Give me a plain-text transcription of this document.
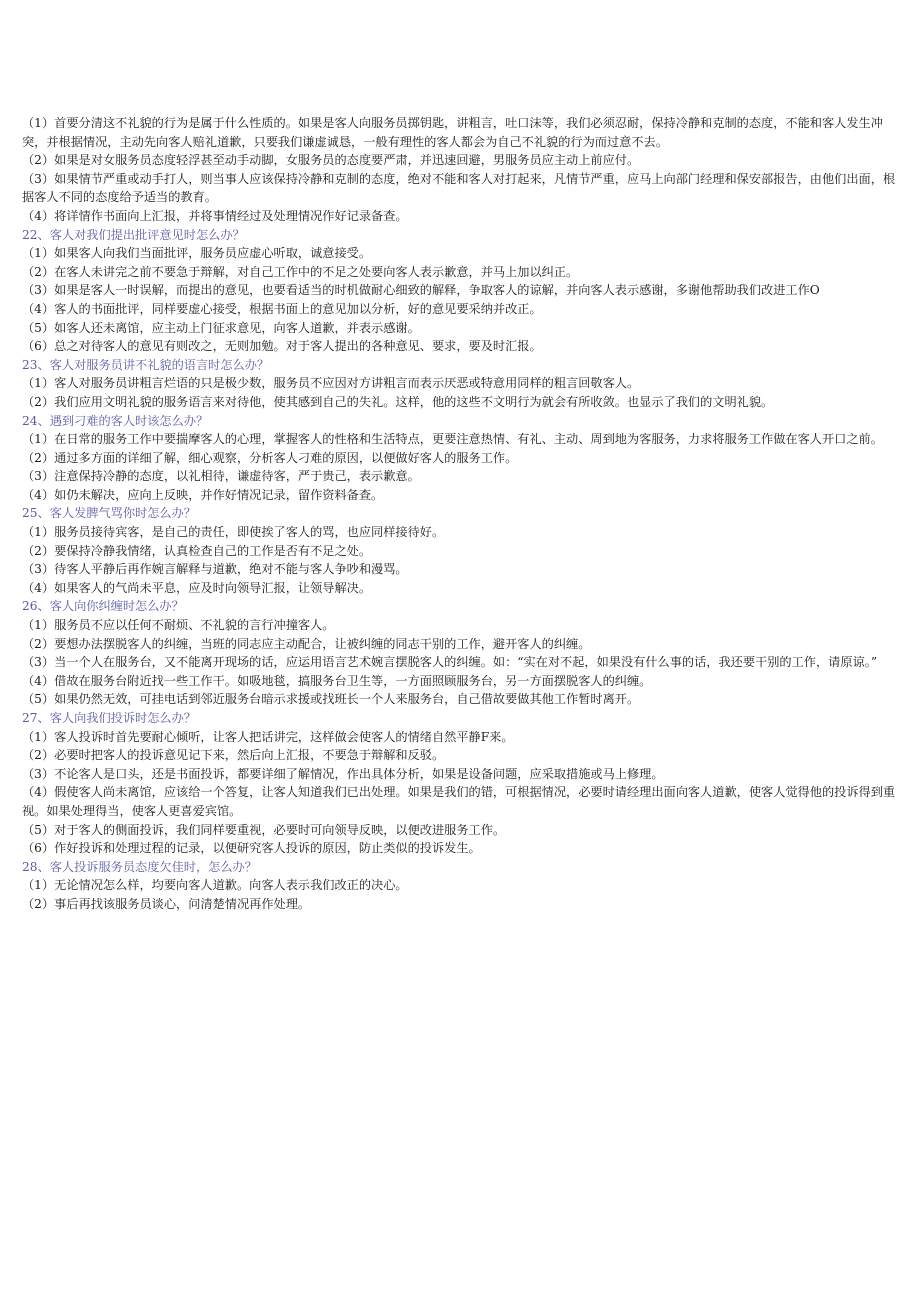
（1）首要分清这不礼貌的行为是属于什么性质的。如果是客人向服务员掷钥匙，讲粗言，吐口沫等，我们必须忍耐，保持冷静和克制的态度，不能和客人发生冲突，并根据情况，主动先向客人赔礼道歉，只要我们谦虚诚恳，一般有理性的客人都会为自己不礼貌的行为而过意不去。
（2）如果是对女服务员态度轻浮甚至动手动脚，女服务员的态度要严肃，并迅速回避，男服务员应主动上前应付。
（3）如果情节严重或动手打人，则当事人应该保持冷静和克制的态度，绝对不能和客人对打起来，凡情节严重，应马上向部门经理和保安部报告，由他们出面，根据客人不同的态度给予适当的教育。
（4）将详情作书面向上汇报，并将事情经过及处理情况作好记录备查。
22、客人对我们提出批评意见时怎么办？
（1）如果客人向我们当面批评，服务员应虚心听取，诚意接受。
（2）在客人未讲完之前不要急于辩解，对自己工作中的不足之处要向客人表示歉意，并马上加以纠正。
（3）如果是客人一时误解，而提出的意见，也要看适当的时机做耐心细致的解释，争取客人的谅解，并向客人表示感谢，多谢他帮助我们改进工作O
（4）客人的书面批评，同样要虚心接受，根据书面上的意见加以分析，好的意见要采纳并改正。
（5）如客人还未离馆，应主动上门征求意见，向客人道歉，并表示感谢。
（6）总之对待客人的意见有则改之，无则加勉。对于客人提出的各种意见、要求，要及时汇报。
23、客人对服务员讲不礼貌的语言时怎么办？
（1）客人对服务员讲粗言烂语的只是极少数，服务员不应因对方讲粗言而表示厌恶或特意用同样的粗言回敬客人。
（2）我们应用文明礼貌的服务语言来对待他，使其感到自己的失礼。这样，他的这些不文明行为就会有所收敛。也显示了我们的文明礼貌。
24、遇到刁难的客人时该怎么办？
（1）在日常的服务工作中要揣摩客人的心理，掌握客人的性格和生活特点，更要注意热情、有礼、主动、周到地为客服务，力求将服务工作做在客人开口之前。
（2）通过多方面的详细了解，细心观察，分析客人刁难的原因，以便做好客人的服务工作。
（3）注意保持冷静的态度，以礼相待，谦虚待客，严于贵己，表示歉意。
（4）如仍未解决，应向上反映，并作好情况记录，留作资料备查。
25、客人发脾气骂你时怎么办？
（1）服务员接待宾客，是自己的责任，即使挨了客人的骂，也应同样接待好。
（2）要保持冷静我情绪，认真检查自己的工作是否有不足之处。
（3）待客人平静后再作婉言解释与道歉，绝对不能与客人争吵和漫骂。
（4）如果客人的气尚未平息，应及时向领导汇报，让领导解决。
26、客人向你纠缠时怎么办？
（1）服务员不应以任何不耐烦、不礼貌的言行冲撞客人。
（2）要想办法摆脱客人的纠缠，当班的同志应主动配合，让被纠缠的同志干别的工作，避开客人的纠缠。
（3）当一个人在服务台，又不能离开现场的话，应运用语言艺术婉言摆脱客人的纠缠。如：“实在对不起，如果没有什么事的话，我还要干别的工作，请原谅。”
（4）借故在服务台附近找一些工作干。如吸地毯，搞服务台卫生等，一方面照顾服务台，另一方面摆脱客人的纠缠。
（5）如果仍然无效，可挂电话到邻近服务台暗示求援或找班长一个人来服务台，自己借故要做其他工作暂时离开。
27、客人向我们投诉时怎么办？
（1）客人投诉时首先要耐心倾听，让客人把话讲完，这样做会使客人的情绪自然平静F来。
（2）必要时把客人的投诉意见记下来，然后向上汇报，不要急于辩解和反驳。
（3）不论客人是口头，还是书面投诉，都要详细了解情况，作出具体分析，如果是设备问题，应采取措施或马上修理。
（4）假使客人尚未离馆，应该给一个答复，让客人知道我们已出处理。如果是我们的错，可根据情况，必要时请经理出面向客人道歉，使客人觉得他的投诉得到重视。如果处理得当，使客人更喜爱宾馆。
（5）对于客人的侧面投诉，我们同样要重视，必要时可向领导反映，以便改进服务工作。
（6）作好投诉和处理过程的记录，以便研究客人投诉的原因，防止类似的投诉发生。
28、客人投诉服务员态度欠佳时，怎么办？
（1）无论情况怎么样，均要向客人道歉。向客人表示我们改正的决心。
（2）事后再找该服务员谈心，问清楚情况再作处理。
